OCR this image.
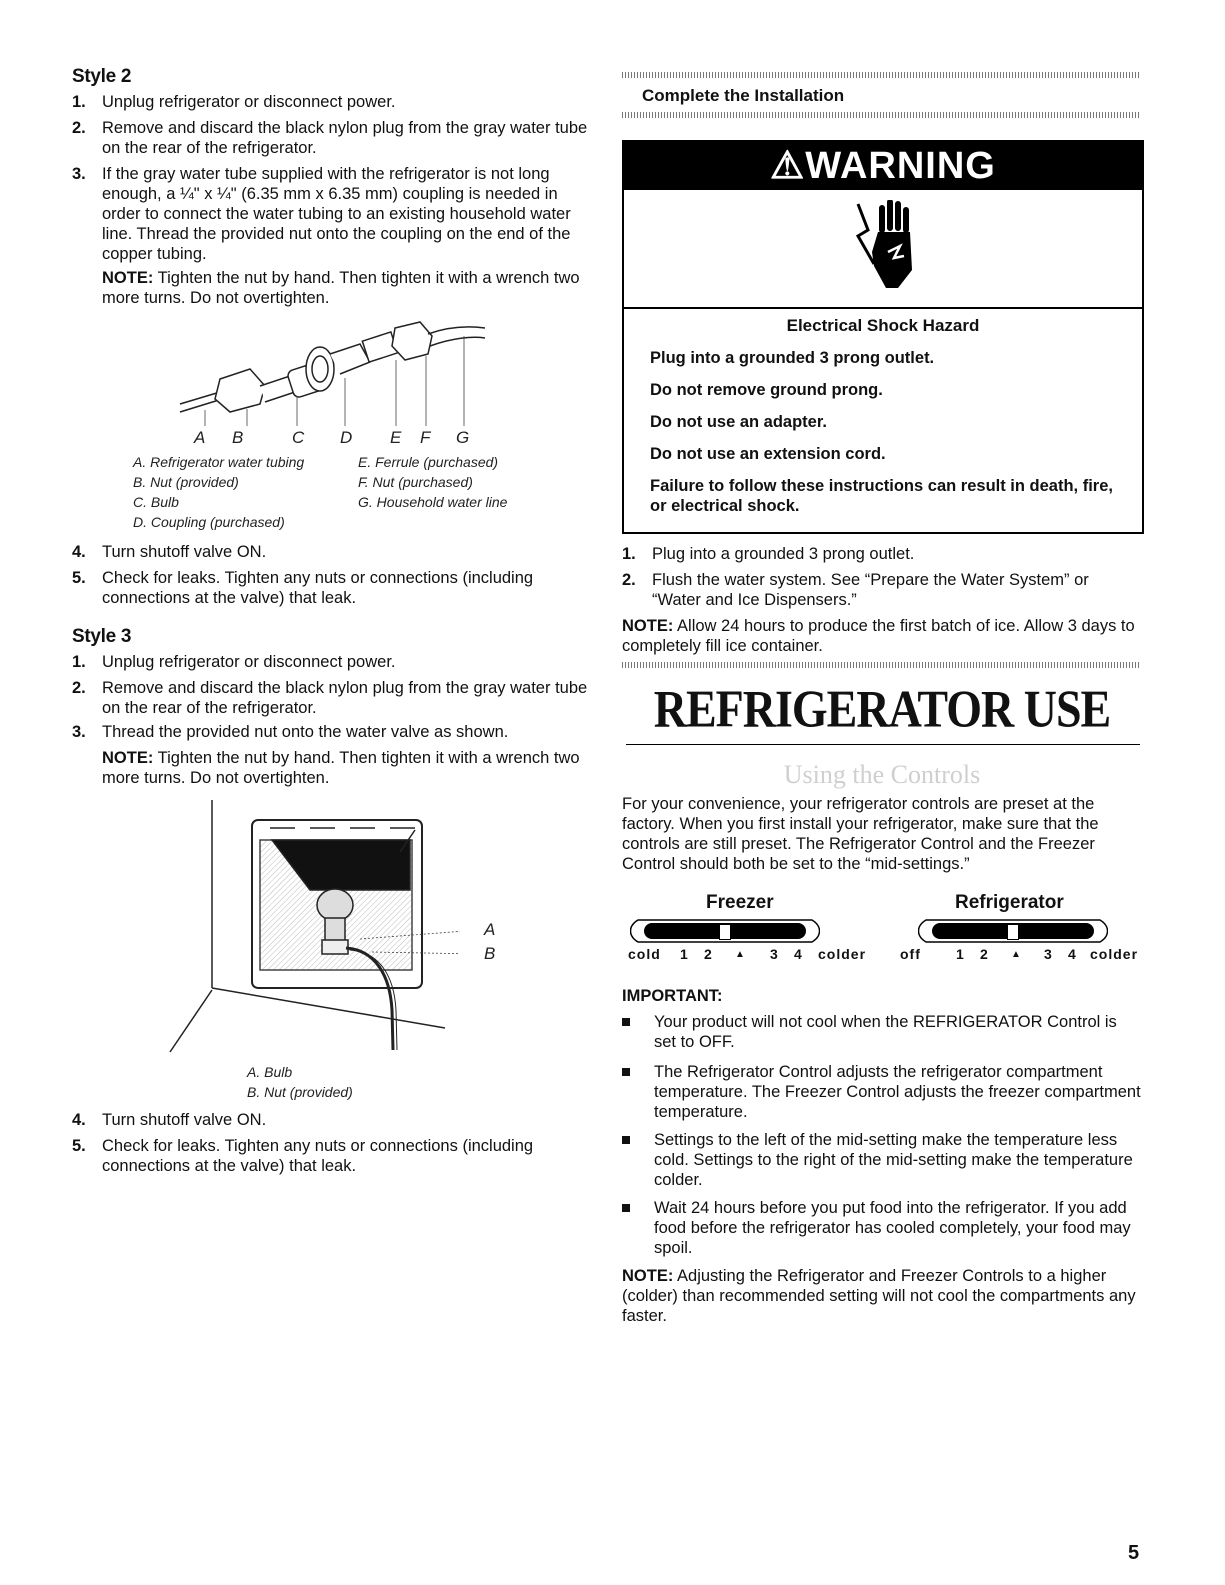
Style 2
1. Unplug refrigerator or disconnect power.
2. Remove and discard the black nylon plug from the gray water tube on the rear of the refrigerator.
3. If the gray water tube supplied with the refrigerator is not long enough, a ¼" x ¼" (6.35 mm x 6.35 mm) coupling is needed in order to connect the water tubing to an existing household water line. Thread the provided nut onto the coupling on the end of the copper tubing.
NOTE: Tighten the nut by hand. Then tighten it with a wrench two more turns. Do not overtighten.
A B	C D E F G
A. Refrigerator water tubing
B. Nut (provided)
C. Bulb
D. Coupling (purchased)
E. Ferrule (purchased)
F. Nut (purchased)
G. Household water line
4. Turn shutoff valve ON.
5. Check for leaks. Tighten any nuts or connections (including connections at the valve) that leak.
Style 3
1. Unplug refrigerator or disconnect power.
2. Remove and discard the black nylon plug from the gray water tube on the rear of the refrigerator.
3. Thread the provided nut onto the water valve as shown.
NOTE: Tighten the nut by hand. Then tighten it with a wrench two more turns. Do not overtighten.
A
B
A. Bulb
B. Nut (provided)
4. Turn shutoff valve ON.
5. Check for leaks. Tighten any nuts or connections (including connections at the valve) that leak.
Complete the Installation
⚠WARNING
Electrical Shock Hazard
Plug into a grounded 3 prong outlet.
Do not remove ground prong.
Do not use an adapter.
Do not use an extension cord.
Failure to follow these instructions can result in death, fire, or electrical shock.
1. Plug into a grounded 3 prong outlet.
2. Flush the water system. See “Prepare the Water System” or “Water and Ice Dispensers.”
NOTE: Allow 24 hours to produce the first batch of ice. Allow 3 days to completely fill ice container.
REFRIGERATOR USE
Using the Controls
For your convenience, your refrigerator controls are preset at the factory. When you first install your refrigerator, make sure that the controls are still preset. The Refrigerator Control and the Freezer Control should both be set to the “mid-settings.”
Freezer
cold 1 2 ▲ 3 4 colder
Refrigerator
off	1 2 ▲ 3 4 colder
IMPORTANT:
Your product will not cool when the REFRIGERATOR Control is set to OFF.
The Refrigerator Control adjusts the refrigerator compartment temperature. The Freezer Control adjusts the freezer compartment temperature.
Settings to the left of the mid-setting make the temperature less cold. Settings to the right of the mid-setting make the temperature colder.
Wait 24 hours before you put food into the refrigerator. If you add food before the refrigerator has cooled completely, your food may spoil.
NOTE: Adjusting the Refrigerator and Freezer Controls to a higher (colder) than recommended setting will not cool the compartments any faster.
5
